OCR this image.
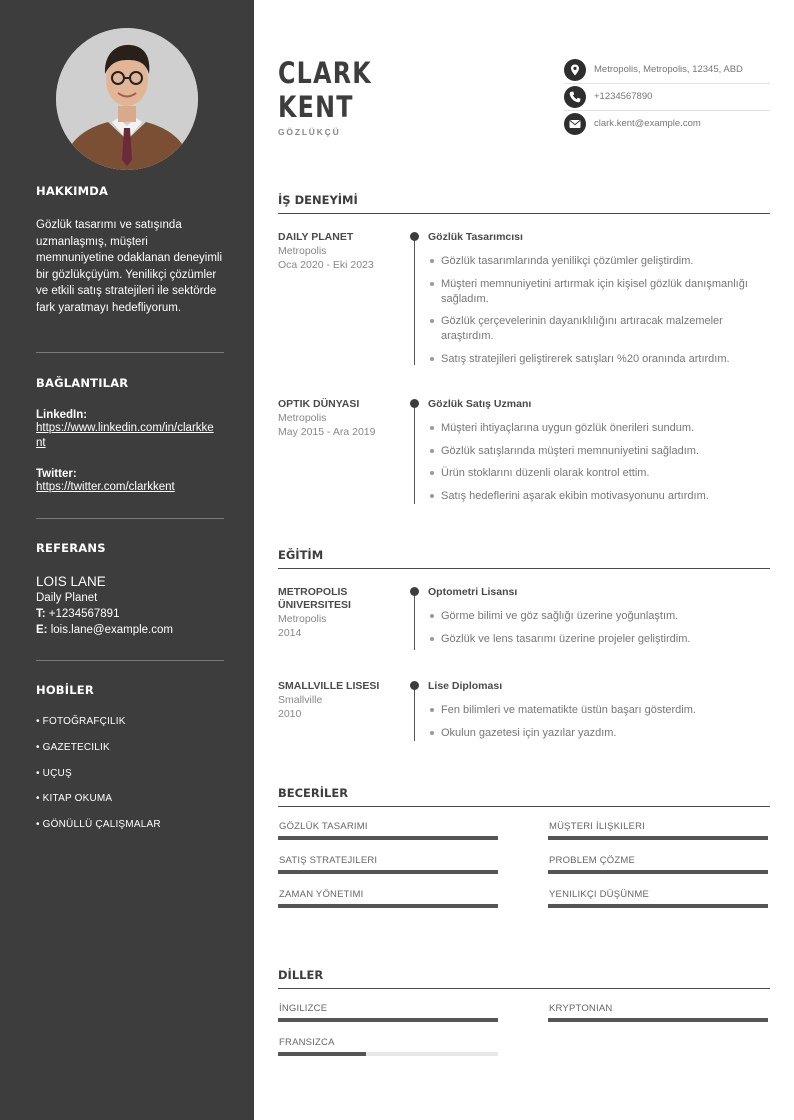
HAKKIMDA
Gözlük tasarımı ve satışında uzmanlaşmış, müşteri memnuniyetine odaklanan deneyimli bir gözlükçüyüm. Yenilikçi çözümler ve etkili satış stratejileri ile sektörde fark yaratmayı hedefliyorum.
BAĞLANTILAR
LinkedIn:
https://www.linkedin.com/in/clarkkent
Twitter:
https://twitter.com/clarkkent
REFERANS
LOIS LANE
Daily Planet
T: +1234567891
E: lois.lane@example.com
HOBİLER
• FOTOĞRAFÇILIK
• GAZETECILIK
• UÇUŞ
• KITAP OKUMA
• GÖNÜLLÜ ÇALIŞMALAR
CLARK
KENT
GÖZLÜKÇÜ
Metropolis, Metropolis, 12345, ABD
+1234567890
clark.kent@example.com
İŞ DENEYİMİ
DAILY PLANET
Metropolis
Oca 2020 - Eki 2023
Gözlük Tasarımcısı
Gözlük tasarımlarında yenilikçi çözümler geliştirdim.
Müşteri memnuniyetini artırmak için kişisel gözlük danışmanlığı sağladım.
Gözlük çerçevelerinin dayanıklılığını artıracak malzemeler araştırdım.
Satış stratejileri geliştirerek satışları %20 oranında artırdım.
OPTIK DÜNYASI
Metropolis
May 2015 - Ara 2019
Gözlük Satış Uzmanı
Müşteri ihtiyaçlarına uygun gözlük önerileri sundum.
Gözlük satışlarında müşteri memnuniyetini sağladım.
Ürün stoklarını düzenli olarak kontrol ettim.
Satış hedeflerini aşarak ekibin motivasyonunu artırdım.
EĞİTİM
METROPOLIS ÜNIVERSITESI
Metropolis
2014
Optometri Lisansı
Görme bilimi ve göz sağlığı üzerine yoğunlaştım.
Gözlük ve lens tasarımı üzerine projeler geliştirdim.
SMALLVILLE LISESI
Smallville
2010
Lise Diploması
Fen bilimleri ve matematikte üstün başarı gösterdim.
Okulun gazetesi için yazılar yazdım.
BECERİLER
GÖZLÜK TASARIMI	MÜŞTERI İLIŞKILERI
SATIŞ STRATEJILERI	PROBLEM ÇÖZME
ZAMAN YÖNETIMI	YENILIKÇI DÜŞÜNME
DİLLER
İNGILIZCE	KRYPTONIAN
FRANSIZCA
